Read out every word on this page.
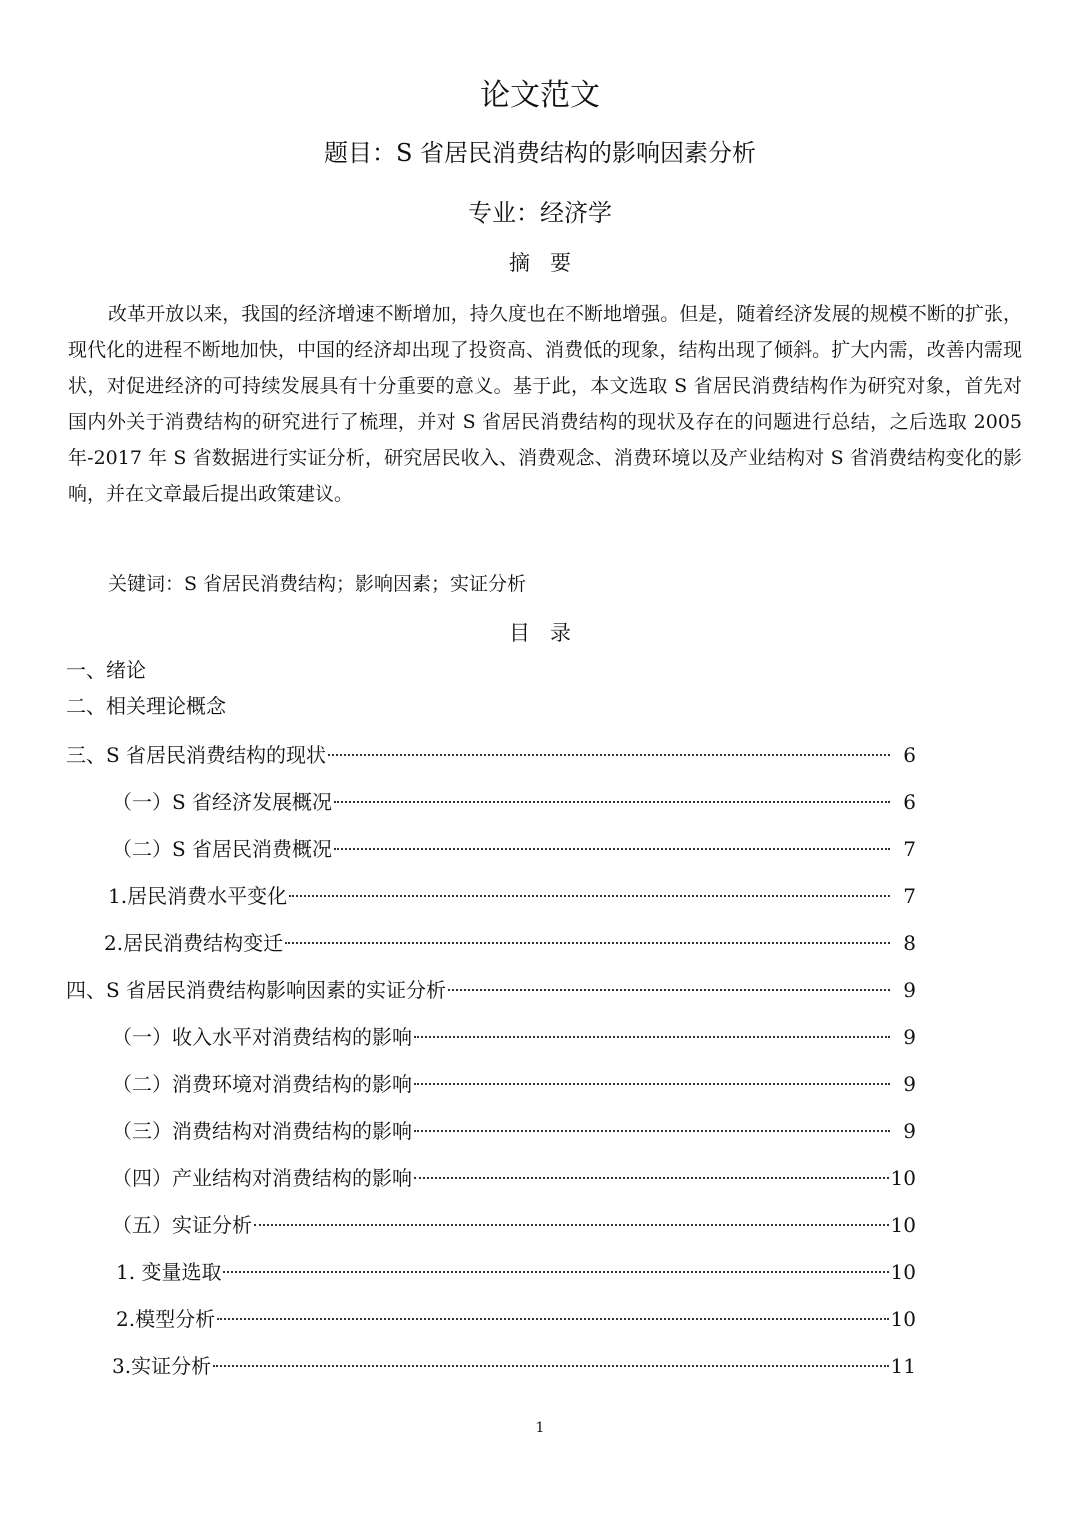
论文范文
题目：S 省居民消费结构的影响因素分析
专业：经济学
摘要

改革开放以来，我国的经济增速不断增加，持久度也在不断地增强。但是，随着经济发展的规模不断的扩张，现代化的进程不断地加快，中国的经济却出现了投资高、消费低的现象，结构出现了倾斜。扩大内需，改善内需现状，对促进经济的可持续发展具有十分重要的意义。基于此，本文选取 S 省居民消费结构作为研究对象，首先对国内外关于消费结构的研究进行了梳理，并对 S 省居民消费结构的现状及存在的问题进行总结，之后选取 2005 年-2017 年 S 省数据进行实证分析，研究居民收入、消费观念、消费环境以及产业结构对 S 省消费结构变化的影响，并在文章最后提出政策建议。

关键词：S 省居民消费结构；影响因素；实证分析
目录
一、绪论
二、相关理论概念
三、S 省居民消费结构的现状	6
（一）S 省经济发展概况	6
（二）S 省居民消费概况	7
1.居民消费水平变化	7
2.居民消费结构变迁	8
四、S 省居民消费结构影响因素的实证分析	9
（一）收入水平对消费结构的影响	9
（二）消费环境对消费结构的影响	9
（三）消费结构对消费结构的影响	9
（四）产业结构对消费结构的影响	10
（五）实证分析	10
1. 变量选取	10
2.模型分析	10
3.实证分析	11
1
